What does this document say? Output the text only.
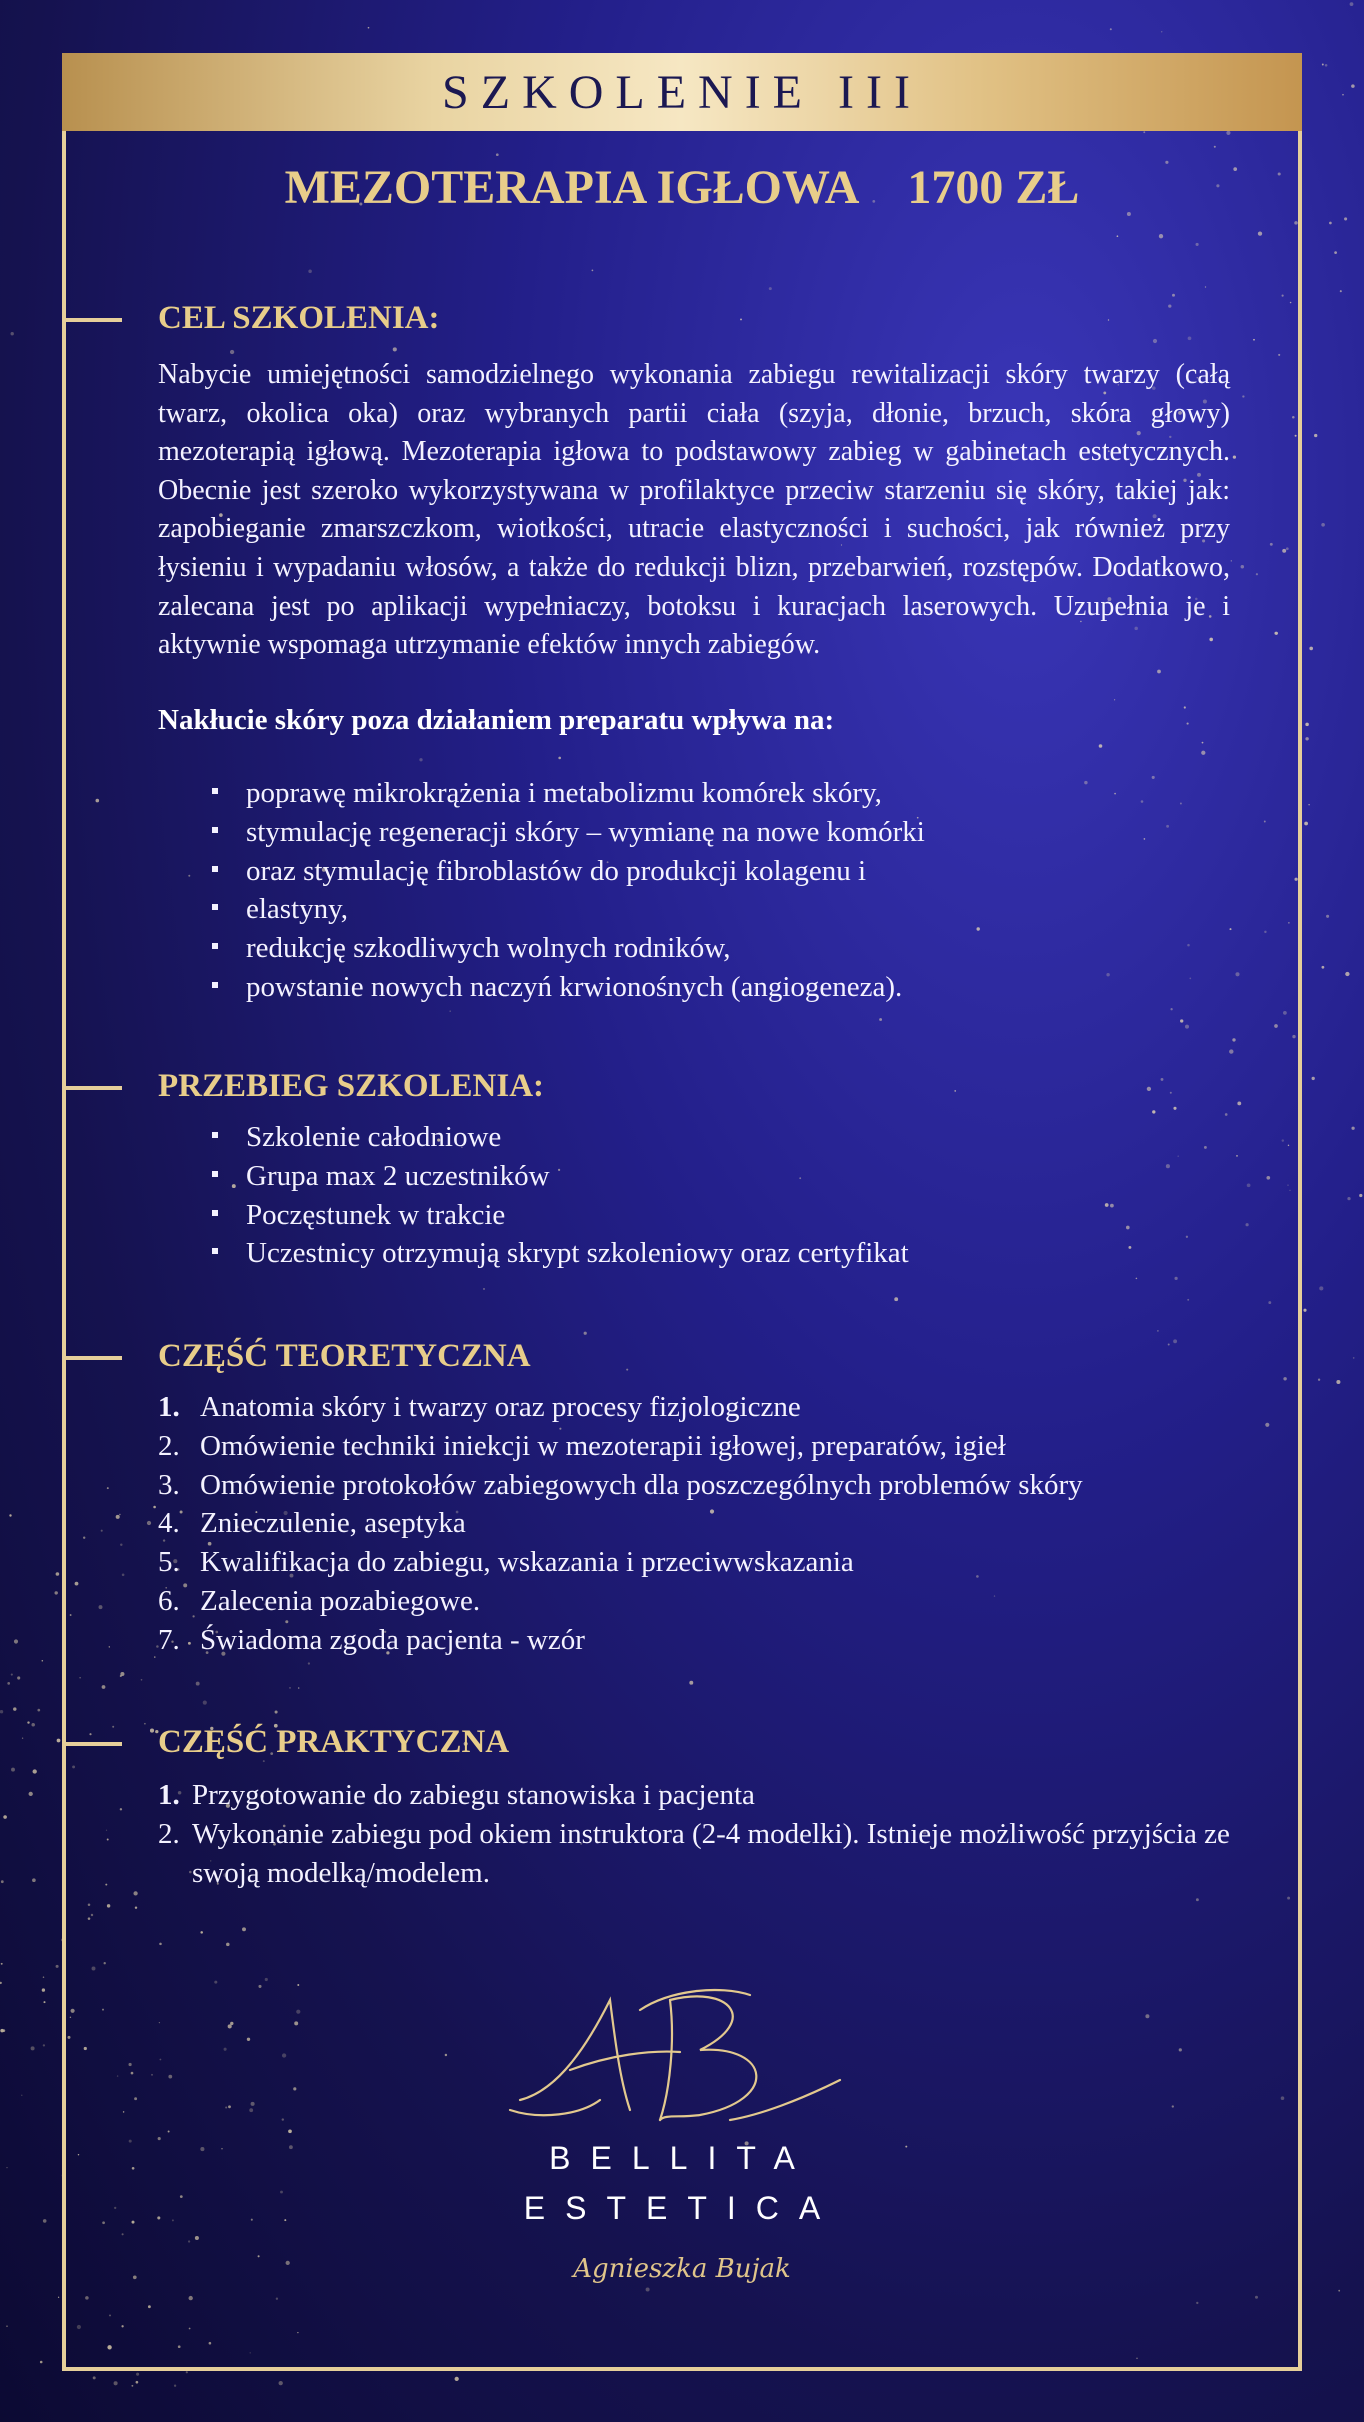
SZKOLENIE III
MEZOTERAPIA IGŁOWA 1700 ZŁ
CEL SZKOLENIA:
Nabycie umiejętności samodzielnego wykonania zabiegu rewitalizacji skóry twarzy (całą twarz, okolica oka) oraz wybranych partii ciała (szyja, dłonie, brzuch, skóra głowy) mezoterapią igłową. Mezoterapia igłowa to podstawowy zabieg w gabinetach estetycznych. Obecnie jest szeroko wykorzystywana w profilaktyce przeciw starzeniu się skóry, takiej jak: zapobieganie zmarszczkom, wiotkości, utracie elastyczności i suchości, jak również przy łysieniu i wypadaniu włosów, a także do redukcji blizn, przebarwień, rozstępów. Dodatkowo, zalecana jest po aplikacji wypełniaczy, botoksu i kuracjach laserowych. Uzupełnia je i aktywnie wspomaga utrzymanie efektów innych zabiegów.
Nakłucie skóry poza działaniem preparatu wpływa na:
poprawę mikrokrążenia i metabolizmu komórek skóry,
stymulację regeneracji skóry – wymianę na nowe komórki
oraz stymulację fibroblastów do produkcji kolagenu i
elastyny,
redukcję szkodliwych wolnych rodników,
powstanie nowych naczyń krwionośnych (angiogeneza).
PRZEBIEG SZKOLENIA:
Szkolenie całodniowe
Grupa max 2 uczestników
Poczęstunek w trakcie
Uczestnicy otrzymują skrypt szkoleniowy oraz certyfikat
CZĘŚĆ TEORETYCZNA
1. Anatomia skóry i twarzy oraz procesy fizjologiczne
2. Omówienie techniki iniekcji w mezoterapii igłowej, preparatów, igieł
3. Omówienie protokołów zabiegowych dla poszczególnych problemów skóry
4. Znieczulenie, aseptyka
5. Kwalifikacja do zabiegu, wskazania i przeciwwskazania
6. Zalecenia pozabiegowe.
7. Świadoma zgoda pacjenta - wzór
CZĘŚĆ PRAKTYCZNA
1. Przygotowanie do zabiegu stanowiska i pacjenta
2. Wykonanie zabiegu pod okiem instruktora (2-4 modelki). Istnieje możliwość przyjścia ze swoją modelką/modelem.
AB
BELLITA
ESTETICA
Agnieszka Bujak
